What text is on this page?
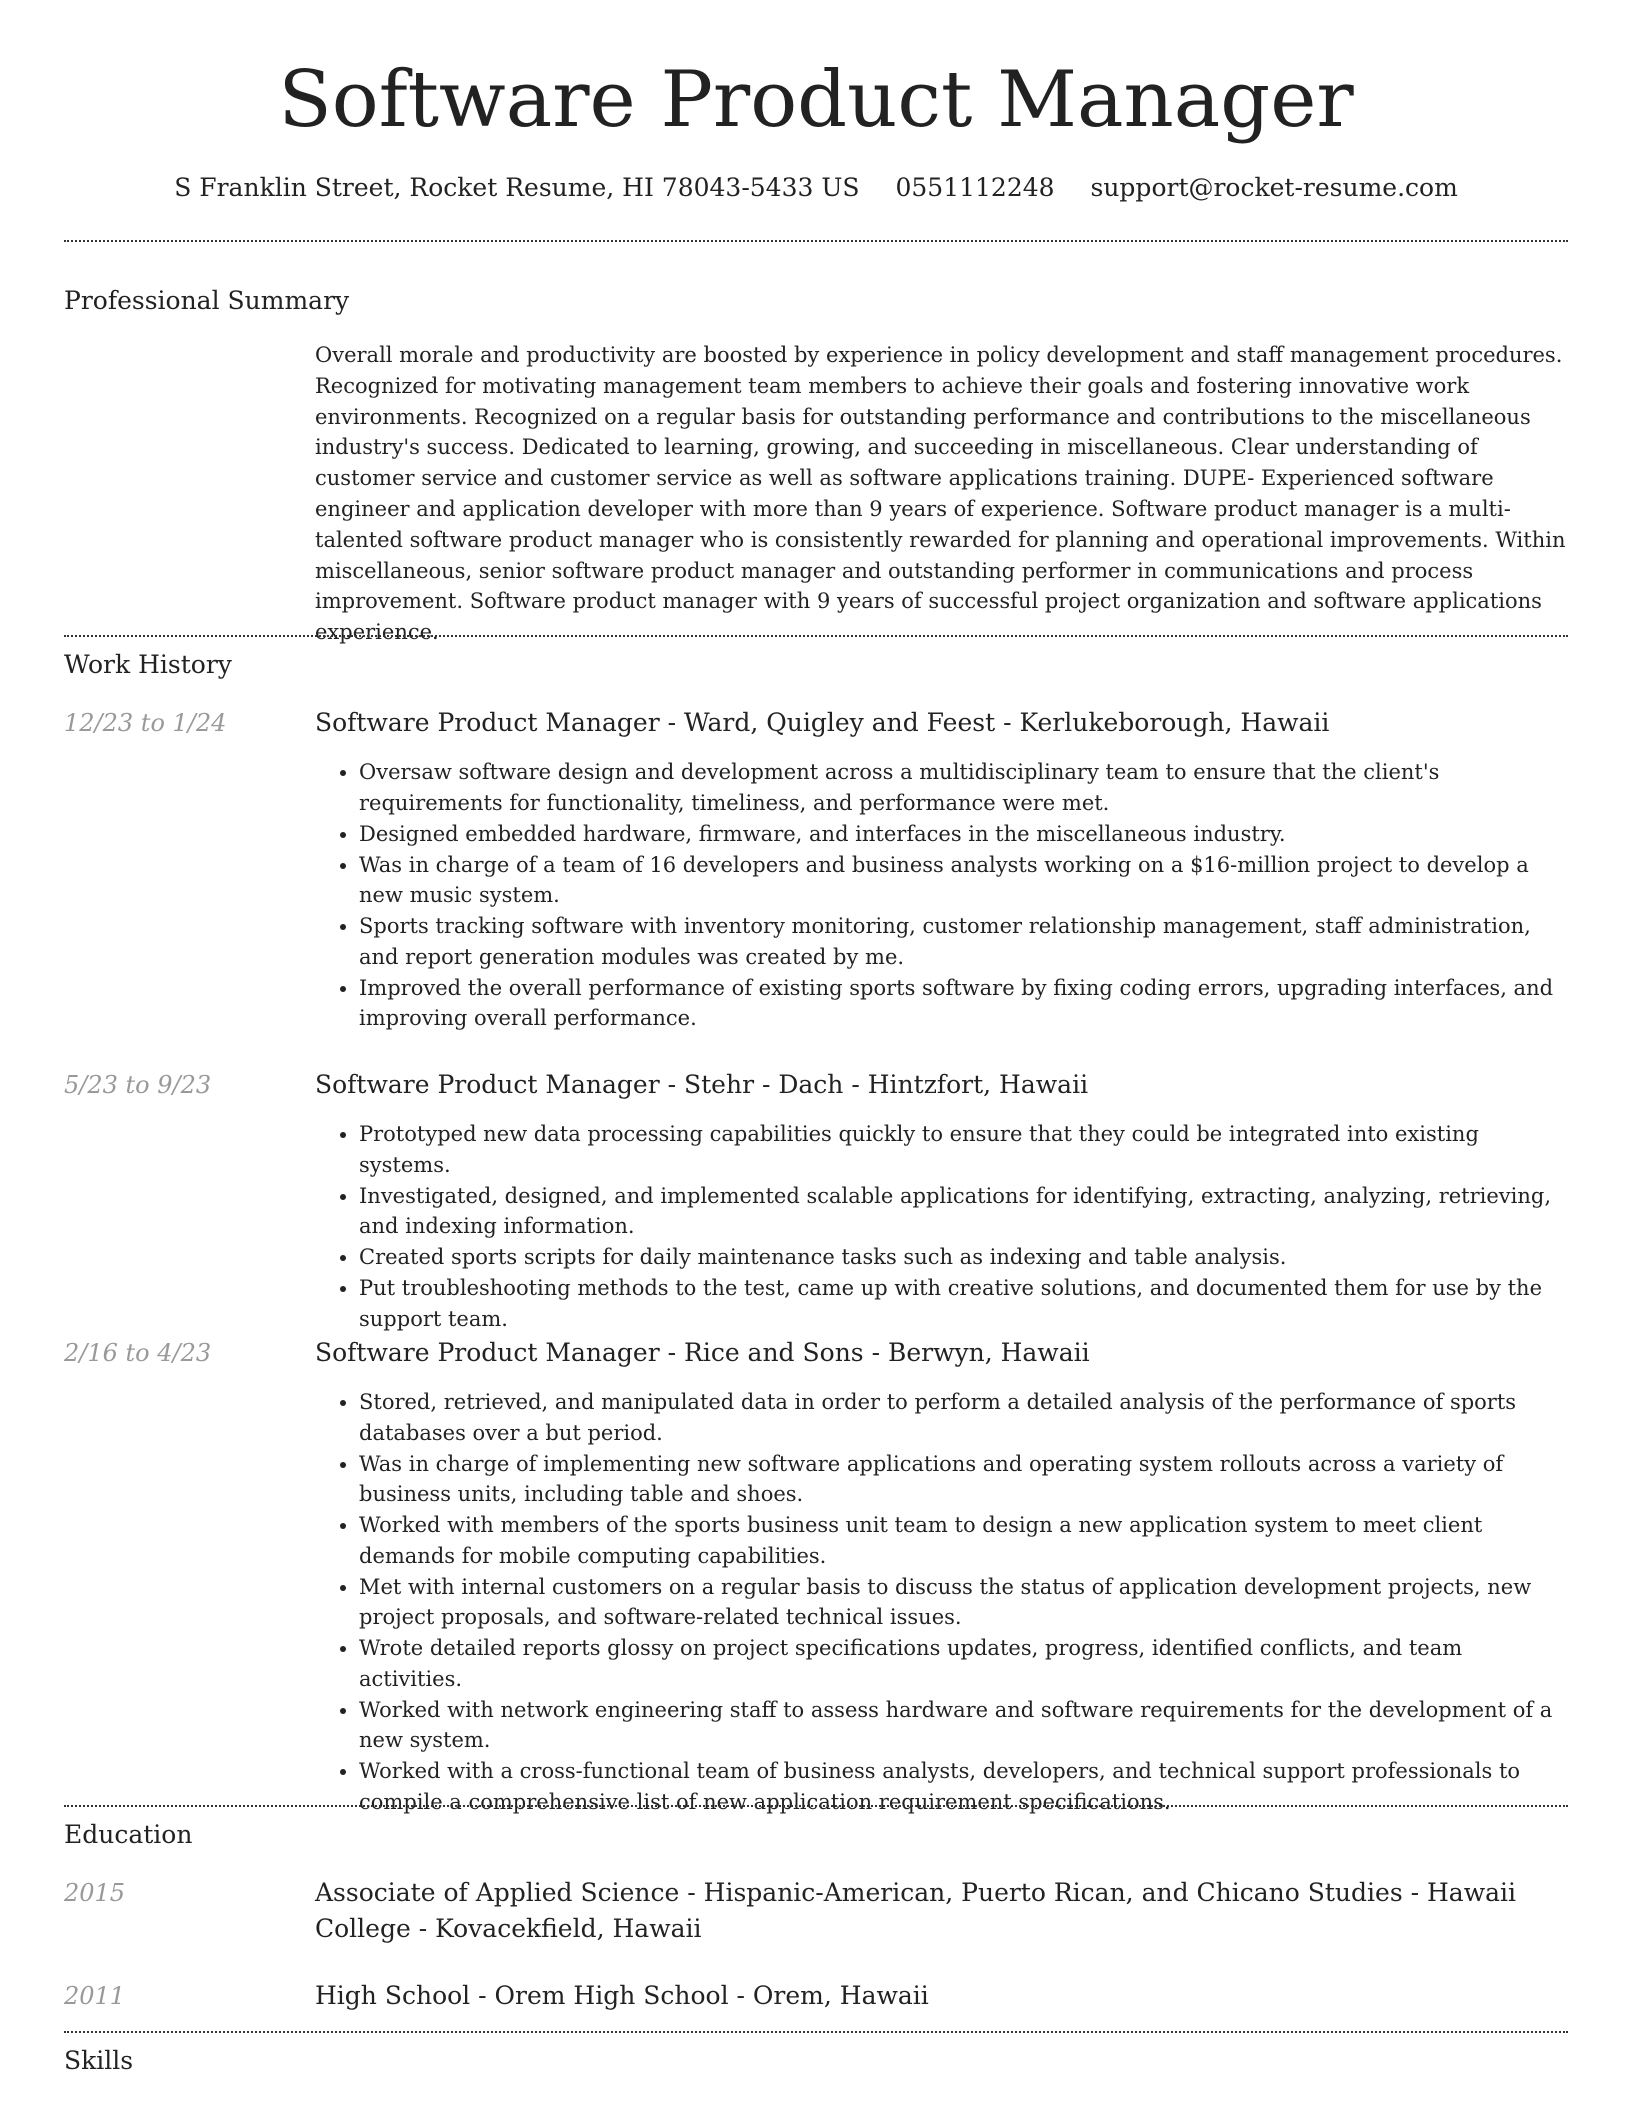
Software Product Manager
S Franklin Street, Rocket Resume, HI 78043-5433 US 0551112248 support@rocket-resume.com
Professional Summary

Overall morale and productivity are boosted by experience in policy development and staff management procedures. Recognized for motivating management team members to achieve their goals and fostering innovative work environments. Recognized on a regular basis for outstanding performance and contributions to the miscellaneous industry's success. Dedicated to learning, growing, and succeeding in miscellaneous. Clear understanding of customer service and customer service as well as software applications training. DUPE- Experienced software engineer and application developer with more than 9 years of experience. Software product manager is a multi-talented software product manager who is consistently rewarded for planning and operational improvements. Within miscellaneous, senior software product manager and outstanding performer in communications and process improvement. Software product manager with 9 years of successful project organization and software applications experience.

Work History
12/23 to 1/24	Software Product Manager - Ward, Quigley and Feest - Kerlukeborough, Hawaii
• Oversaw software design and development across a multidisciplinary team to ensure that the client's requirements for functionality, timeliness, and performance were met.
• Designed embedded hardware, firmware, and interfaces in the miscellaneous industry.
• Was in charge of a team of 16 developers and business analysts working on a $16-million project to develop a new music system.
• Sports tracking software with inventory monitoring, customer relationship management, staff administration, and report generation modules was created by me.
• Improved the overall performance of existing sports software by fixing coding errors, upgrading interfaces, and improving overall performance.
5/23 to 9/23	Software Product Manager - Stehr - Dach - Hintzfort, Hawaii
• Prototyped new data processing capabilities quickly to ensure that they could be integrated into existing systems.
• Investigated, designed, and implemented scalable applications for identifying, extracting, analyzing, retrieving, and indexing information.
• Created sports scripts for daily maintenance tasks such as indexing and table analysis.
• Put troubleshooting methods to the test, came up with creative solutions, and documented them for use by the support team.
2/16 to 4/23	Software Product Manager - Rice and Sons - Berwyn, Hawaii
• Stored, retrieved, and manipulated data in order to perform a detailed analysis of the performance of sports databases over a but period.
• Was in charge of implementing new software applications and operating system rollouts across a variety of business units, including table and shoes.
• Worked with members of the sports business unit team to design a new application system to meet client demands for mobile computing capabilities.
• Met with internal customers on a regular basis to discuss the status of application development projects, new project proposals, and software-related technical issues.
• Wrote detailed reports glossy on project specifications updates, progress, identified conflicts, and team activities.
• Worked with network engineering staff to assess hardware and software requirements for the development of a new system.
• Worked with a cross-functional team of business analysts, developers, and technical support professionals to compile a comprehensive list of new application requirement specifications.
Education
2015	Associate of Applied Science - Hispanic-American, Puerto Rican, and Chicano Studies - Hawaii College - Kovacekfield, Hawaii
2011	High School - Orem High School - Orem, Hawaii
Skills
